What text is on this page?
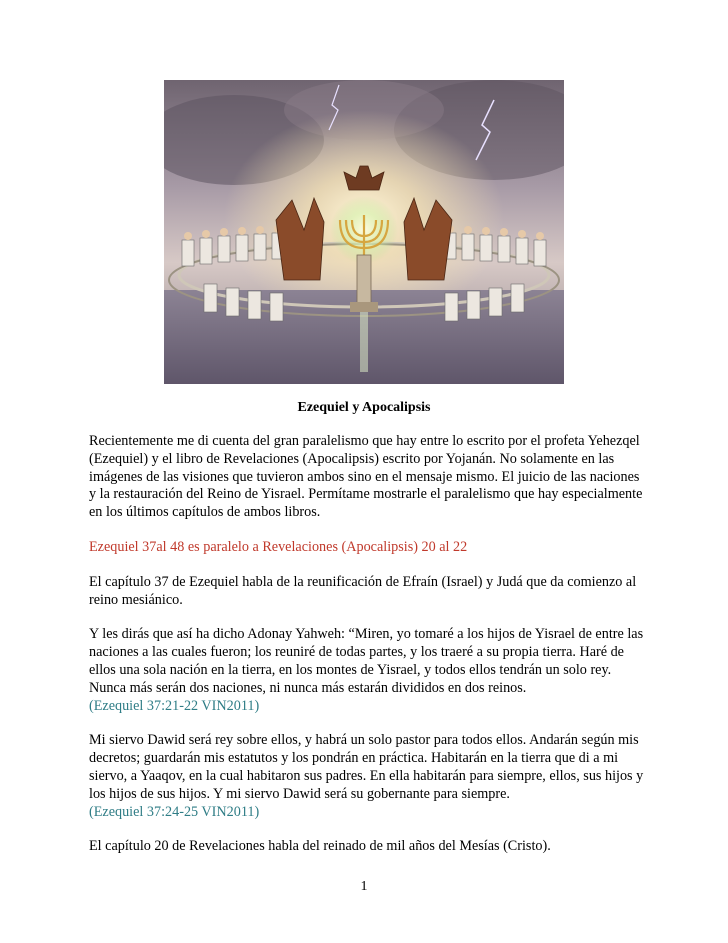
Ezequiel y Apocalipsis

Recientemente me di cuenta del gran paralelismo que hay entre lo escrito por el profeta Yehezqel (Ezequiel) y el libro de Revelaciones (Apocalipsis) escrito por Yojanán. No solamente en las imágenes de las visiones que tuvieron ambos sino en el mensaje mismo. El juicio de las naciones y la restauración del Reino de Yisrael. Permítame mostrarle el paralelismo que hay especialmente en los últimos capítulos de ambos libros.

Ezequiel 37al 48 es paralelo a Revelaciones (Apocalipsis) 20 al 22

El capítulo 37 de Ezequiel habla de la reunificación de Efraín (Israel) y Judá que da comienzo al reino mesiánico.

Y les dirás que así ha dicho Adonay Yahweh: “Miren, yo tomaré a los hijos de Yisrael de entre las naciones a las cuales fueron; los reuniré de todas partes, y los traeré a su propia tierra. Haré de ellos una sola nación en la tierra, en los montes de Yisrael, y todos ellos tendrán un solo rey. Nunca más serán dos naciones, ni nunca más estarán divididos en dos reinos.
(Ezequiel 37:21-22 VIN2011)

Mi siervo Dawid será rey sobre ellos, y habrá un solo pastor para todos ellos. Andarán según mis decretos; guardarán mis estatutos y los pondrán en práctica. Habitarán en la tierra que di a mi siervo, a Yaaqov, en la cual habitaron sus padres. En ella habitarán para siempre, ellos, sus hijos y los hijos de sus hijos. Y mi siervo Dawid será su gobernante para siempre.
(Ezequiel 37:24-25 VIN2011)

El capítulo 20 de Revelaciones habla del reinado de mil años del Mesías (Cristo).

1
